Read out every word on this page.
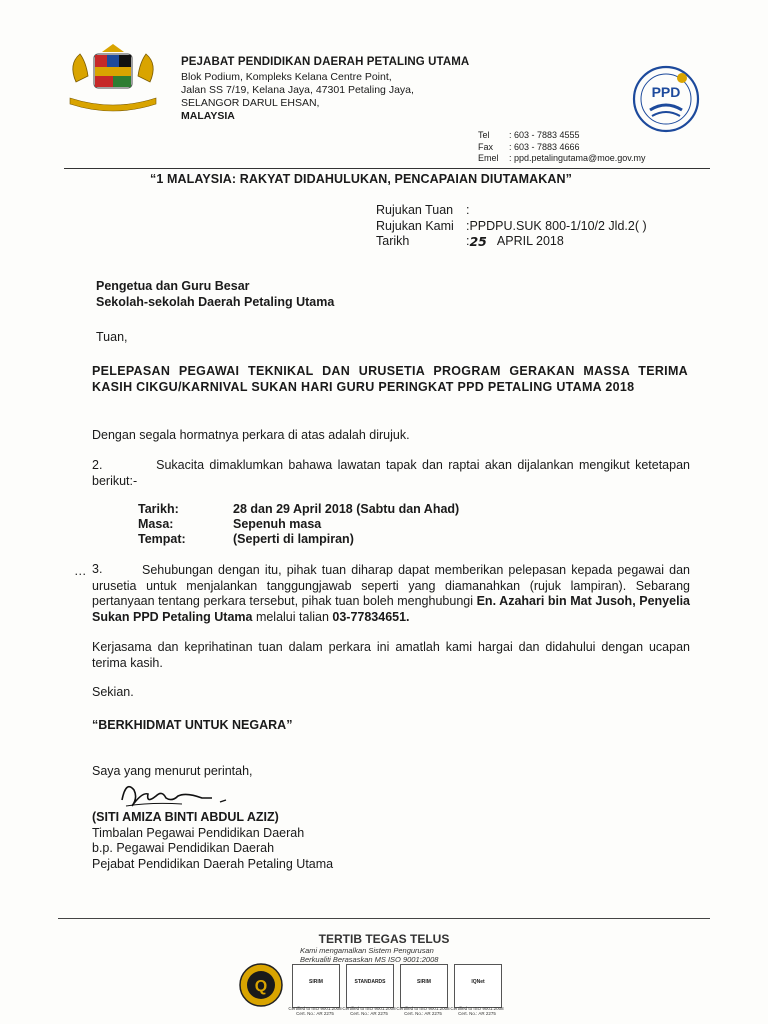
PEJABAT PENDIDIKAN DAERAH PETALING UTAMA
Blok Podium, Kompleks Kelana Centre Point,
Jalan SS 7/19, Kelana Jaya, 47301 Petaling Jaya,
SELANGOR DARUL EHSAN,
MALAYSIA
PPD
Tel	: 603 - 7883 4555
Fax	: 603 - 7883 4666
Emel	: ppd.petalingutama@moe.gov.my
“1 MALAYSIA: RAKYAT DIDAHULUKAN, PENCAPAIAN DIUTAMAKAN”
Rujukan Tuan	:
Rujukan Kami :PPDPU.SUK 800-1/10/2 Jld.2( )
Tarikh	: 25 APRIL 2018
Pengetua dan Guru Besar
Sekolah-sekolah Daerah Petaling Utama
Tuan,
PELEPASAN PEGAWAI TEKNIKAL DAN URUSETIA PROGRAM GERAKAN MASSA TERIMA KASIH CIKGU/KARNIVAL SUKAN HARI GURU PERINGKAT PPD PETALING UTAMA 2018
Dengan segala hormatnya perkara di atas adalah dirujuk.
2.          Sukacita dimaklumkan bahawa lawatan tapak dan raptai akan dijalankan mengikut ketetapan berikut:-
Tarikh:	28 dan 29 April 2018 (Sabtu dan Ahad)
Masa:	Sepenuh masa
Tempat:	(Seperti di lampiran)
… 3.	Sehubungan dengan itu, pihak tuan diharap dapat memberikan pelepasan kepada pegawai dan urusetia untuk menjalankan tanggungjawab seperti yang diamanahkan (rujuk lampiran). Sebarang pertanyaan tentang perkara tersebut, pihak tuan boleh menghubungi En. Azahari bin Mat Jusoh, Penyelia Sukan PPD Petaling Utama melalui talian 03-77834651.
Kerjasama dan keprihatinan tuan dalam perkara ini amatlah kami hargai dan didahului dengan ucapan terima kasih.
Sekian.
“BERKHIDMAT UNTUK NEGARA”
Saya yang menurut perintah,
(SITI AMIZA BINTI ABDUL AZIZ)
Timbalan Pegawai Pendidikan Daerah
b.p. Pegawai Pendidikan Daerah
Pejabat Pendidikan Daerah Petaling Utama
TERTIB TEGAS TELUS
Kami mengamalkan Sistem Pengurusan
Berkualiti Berasaskan MS ISO 9001:2008
Q	SIRIM
Certified to ISO 9001:2008 Cert. No.: AR 2275
STANDARDS
Certified to ISO 9001:2008 Cert. No.: AR 2275
SIRIM
Certified to ISO 9001:2008 Cert. No.: AR 2275
IQNet
Certified to ISO 9001:2008 Cert. No.: AR 2275
